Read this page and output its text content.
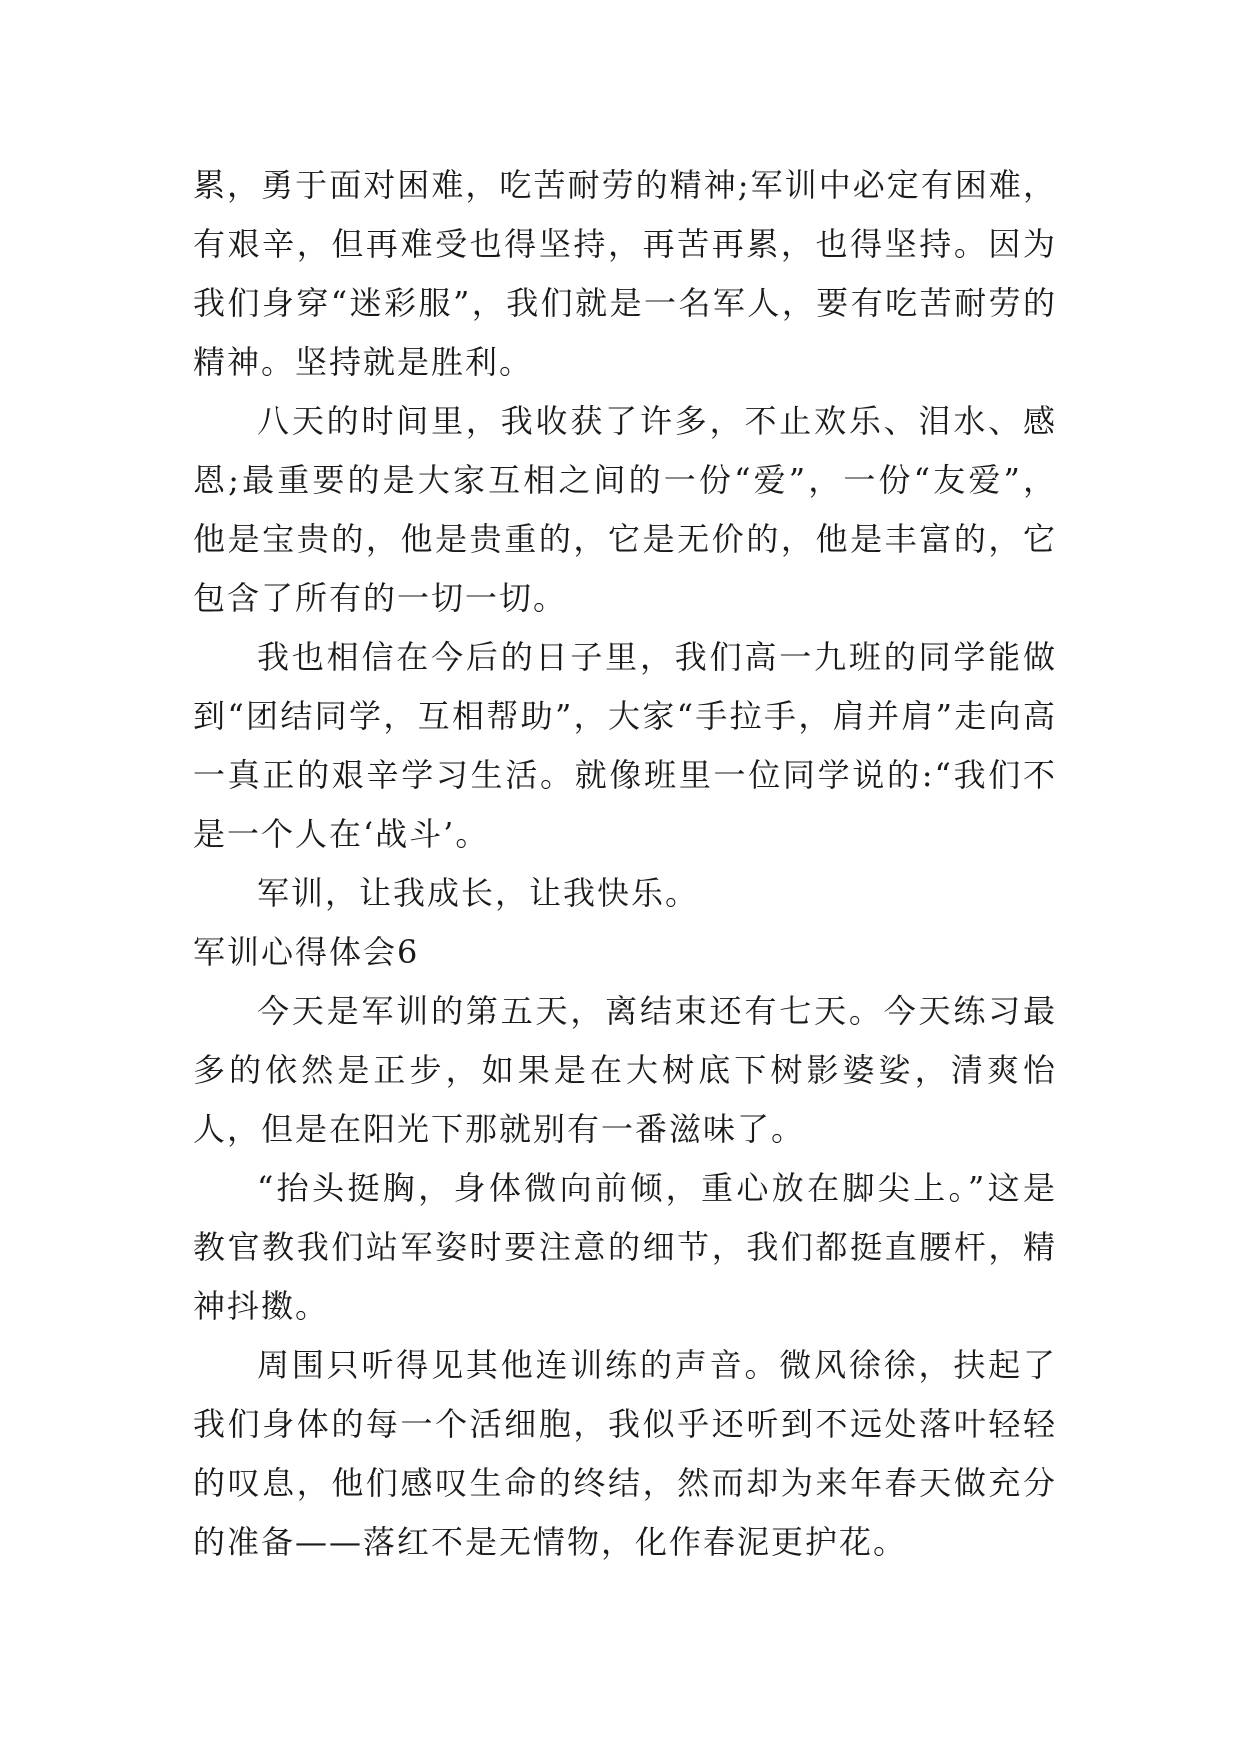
累，勇于面对困难，吃苦耐劳的精神;军训中必定有困难，有艰辛，但再难受也得坚持，再苦再累，也得坚持。因为我们身穿“迷彩服”，我们就是一名军人，要有吃苦耐劳的精神。坚持就是胜利。

八天的时间里，我收获了许多，不止欢乐、泪水、感恩;最重要的是大家互相之间的一份“爱”，一份“友爱”，他是宝贵的，他是贵重的，它是无价的，他是丰富的，它包含了所有的一切一切。

我也相信在今后的日子里，我们高一九班的同学能做到“团结同学，互相帮助”，大家“手拉手，肩并肩”走向高一真正的艰辛学习生活。就像班里一位同学说的:“我们不是一个人在‘战斗’。

军训，让我成长，让我快乐。

军训心得体会6

今天是军训的第五天，离结束还有七天。今天练习最多的依然是正步，如果是在大树底下树影婆娑，清爽怡人，但是在阳光下那就别有一番滋味了。

“抬头挺胸，身体微向前倾，重心放在脚尖上。”这是教官教我们站军姿时要注意的细节，我们都挺直腰杆，精神抖擞。

周围只听得见其他连训练的声音。微风徐徐，扶起了我们身体的每一个活细胞，我似乎还听到不远处落叶轻轻的叹息，他们感叹生命的终结，然而却为来年春天做充分的准备——落红不是无情物，化作春泥更护花。
